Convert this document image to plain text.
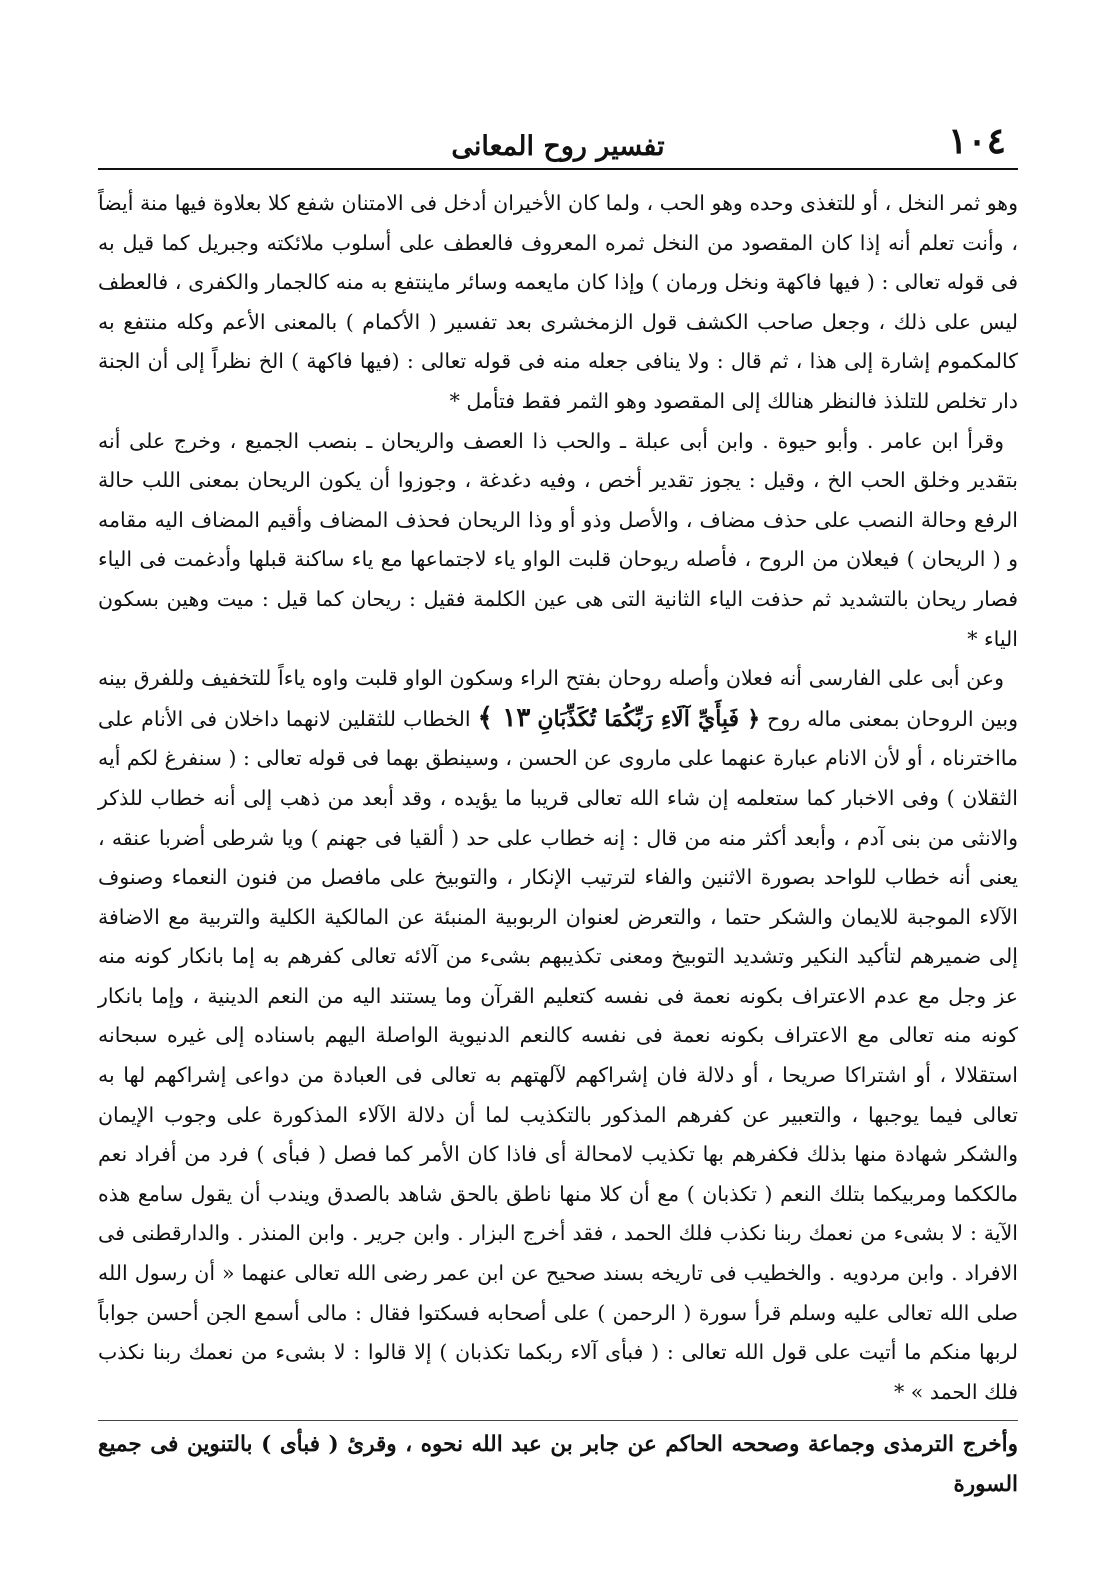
١٠٤
تفسير روح المعانى

وهو ثمر النخل ، أو للتغذى وحده وهو الحب ، ولما كان الأخيران أدخل فى الامتنان شفع كلا بعلاوة فيها منة أيضاً ، وأنت تعلم أنه إذا كان المقصود من النخل ثمره المعروف فالعطف على أسلوب ملائكته وجبريل كما قيل به فى قوله تعالى : ( فيها فاكهة ونخل ورمان ) وإذا كان مايعمه وسائر ماينتفع به منه كالجمار والكفرى ، فالعطف ليس على ذلك ، وجعل صاحب الكشف قول الزمخشرى بعد تفسير ( الأكمام ) بالمعنى الأعم وكله منتفع به كالمكموم إشارة إلى هذا ، ثم قال : ولا ينافى جعله منه فى قوله تعالى : (فيها فاكهة ) الخ نظراً إلى أن الجنة دار تخلص للتلذذ فالنظر هنالك إلى المقصود وهو الثمر فقط فتأمل *

وقرأ ابن عامر . وأبو حيوة . وابن أبى عبلة ـ والحب ذا العصف والريحان ـ بنصب الجميع ، وخرج على أنه بتقدير وخلق الحب الخ ، وقيل : يجوز تقدير أخص ، وفيه دغدغة ، وجوزوا أن يكون الريحان بمعنى اللب حالة الرفع وحالة النصب على حذف مضاف ، والأصل وذو أو وذا الريحان فحذف المضاف وأقيم المضاف اليه مقامه و ( الريحان ) فيعلان من الروح ، فأصله ريوحان قلبت الواو ياء لاجتماعها مع ياء ساكنة قبلها وأدغمت فى الياء فصار ريحان بالتشديد ثم حذفت الياء الثانية التى هى عين الكلمة فقيل : ريحان كما قيل : ميت وهين بسكون الياء *

وعن أبى على الفارسى أنه فعلان وأصله روحان بفتح الراء وسكون الواو قلبت واوه ياءاً للتخفيف وللفرق بينه وبين الروحان بمعنى ماله روح ﴿ فَبِأَيِّ آلَاءِ رَبِّكُمَا تُكَذِّبَانِ ١٣ ﴾ الخطاب للثقلين لانهما داخلان فى الأنام على مااخترناه ، أو لأن الانام عبارة عنهما على ماروى عن الحسن ، وسينطق بهما فى قوله تعالى : ( سنفرغ لكم أيه الثقلان ) وفى الاخبار كما ستعلمه إن شاء الله تعالى قريبا ما يؤيده ، وقد أبعد من ذهب إلى أنه خطاب للذكر والانثى من بنى آدم ، وأبعد أكثر منه من قال : إنه خطاب على حد ( ألقيا فى جهنم ) ويا شرطى أضربا عنقه ، يعنى أنه خطاب للواحد بصورة الاثنين والفاء لترتيب الإنكار ، والتوبيخ على مافصل من فنون النعماء وصنوف الآلاء الموجبة للايمان والشكر حتما ، والتعرض لعنوان الربوبية المنبئة عن المالكية الكلية والتربية مع الاضافة إلى ضميرهم لتأكيد النكير وتشديد التوبيخ ومعنى تكذيبهم بشىء من آلائه تعالى كفرهم به إما بانكار كونه منه عز وجل مع عدم الاعتراف بكونه نعمة فى نفسه كتعليم القرآن وما يستند اليه من النعم الدينية ، وإما بانكار كونه منه تعالى مع الاعتراف بكونه نعمة فى نفسه كالنعم الدنيوية الواصلة اليهم باسناده إلى غيره سبحانه استقلالا ، أو اشتراكا صريحا ، أو دلالة فان إشراكهم لآلهتهم به تعالى فى العبادة من دواعى إشراكهم لها به تعالى فيما يوجبها ، والتعبير عن كفرهم المذكور بالتكذيب لما أن دلالة الآلاء المذكورة على وجوب الإيمان والشكر شهادة منها بذلك فكفرهم بها تكذيب لامحالة أى فاذا كان الأمر كما فصل ( فبأى ) فرد من أفراد نعم مالككما ومربيكما بتلك النعم ( تكذبان ) مع أن كلا منها ناطق بالحق شاهد بالصدق ويندب أن يقول سامع هذه الآية : لا بشىء من نعمك ربنا نكذب فلك الحمد ، فقد أخرج البزار . وابن جرير . وابن المنذر . والدارقطنى فى الافراد . وابن مردويه . والخطيب فى تاريخه بسند صحيح عن ابن عمر رضى الله تعالى عنهما « أن رسول الله صلى الله تعالى عليه وسلم قرأ سورة ( الرحمن ) على أصحابه فسكتوا فقال : مالى أسمع الجن أحسن جواباً لربها منكم ما أتيت على قول الله تعالى : ( فبأى آلاء ربكما تكذبان ) إلا قالوا : لا بشىء من نعمك ربنا نكذب فلك الحمد » *

وأخرج الترمذى وجماعة وصححه الحاكم عن جابر بن عبد الله نحوه ، وقرئ ( فبأى ) بالتنوين فى جميع السورة
